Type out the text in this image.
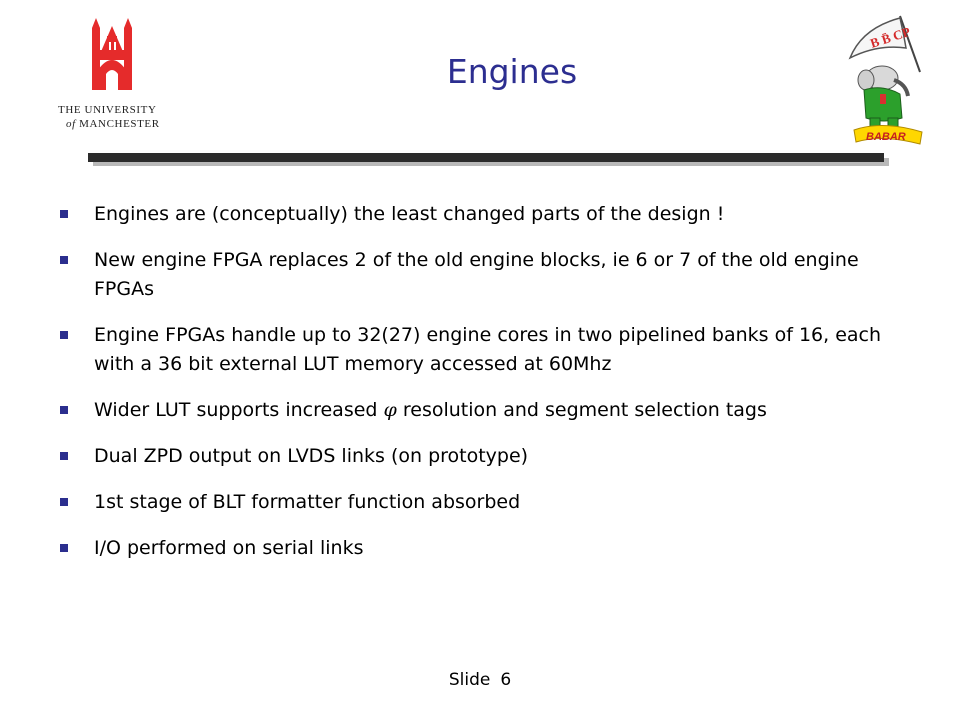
THE UNIVERSITY
of MANCHESTER
B B̄ CP
BABAR
Engines
Engines are (conceptually) the least changed parts of the design !
New engine FPGA replaces 2 of the old engine blocks, ie 6 or 7 of the old engine FPGAs
Engine FPGAs handle up to 32(27) engine cores in two pipelined banks of 16, each with a 36 bit external LUT memory accessed at 60Mhz
Wider LUT supports increased φ resolution and segment selection tags
Dual ZPD output on LVDS links (on prototype)
1st stage of BLT formatter function absorbed
I/O performed on serial links
Slide 6
